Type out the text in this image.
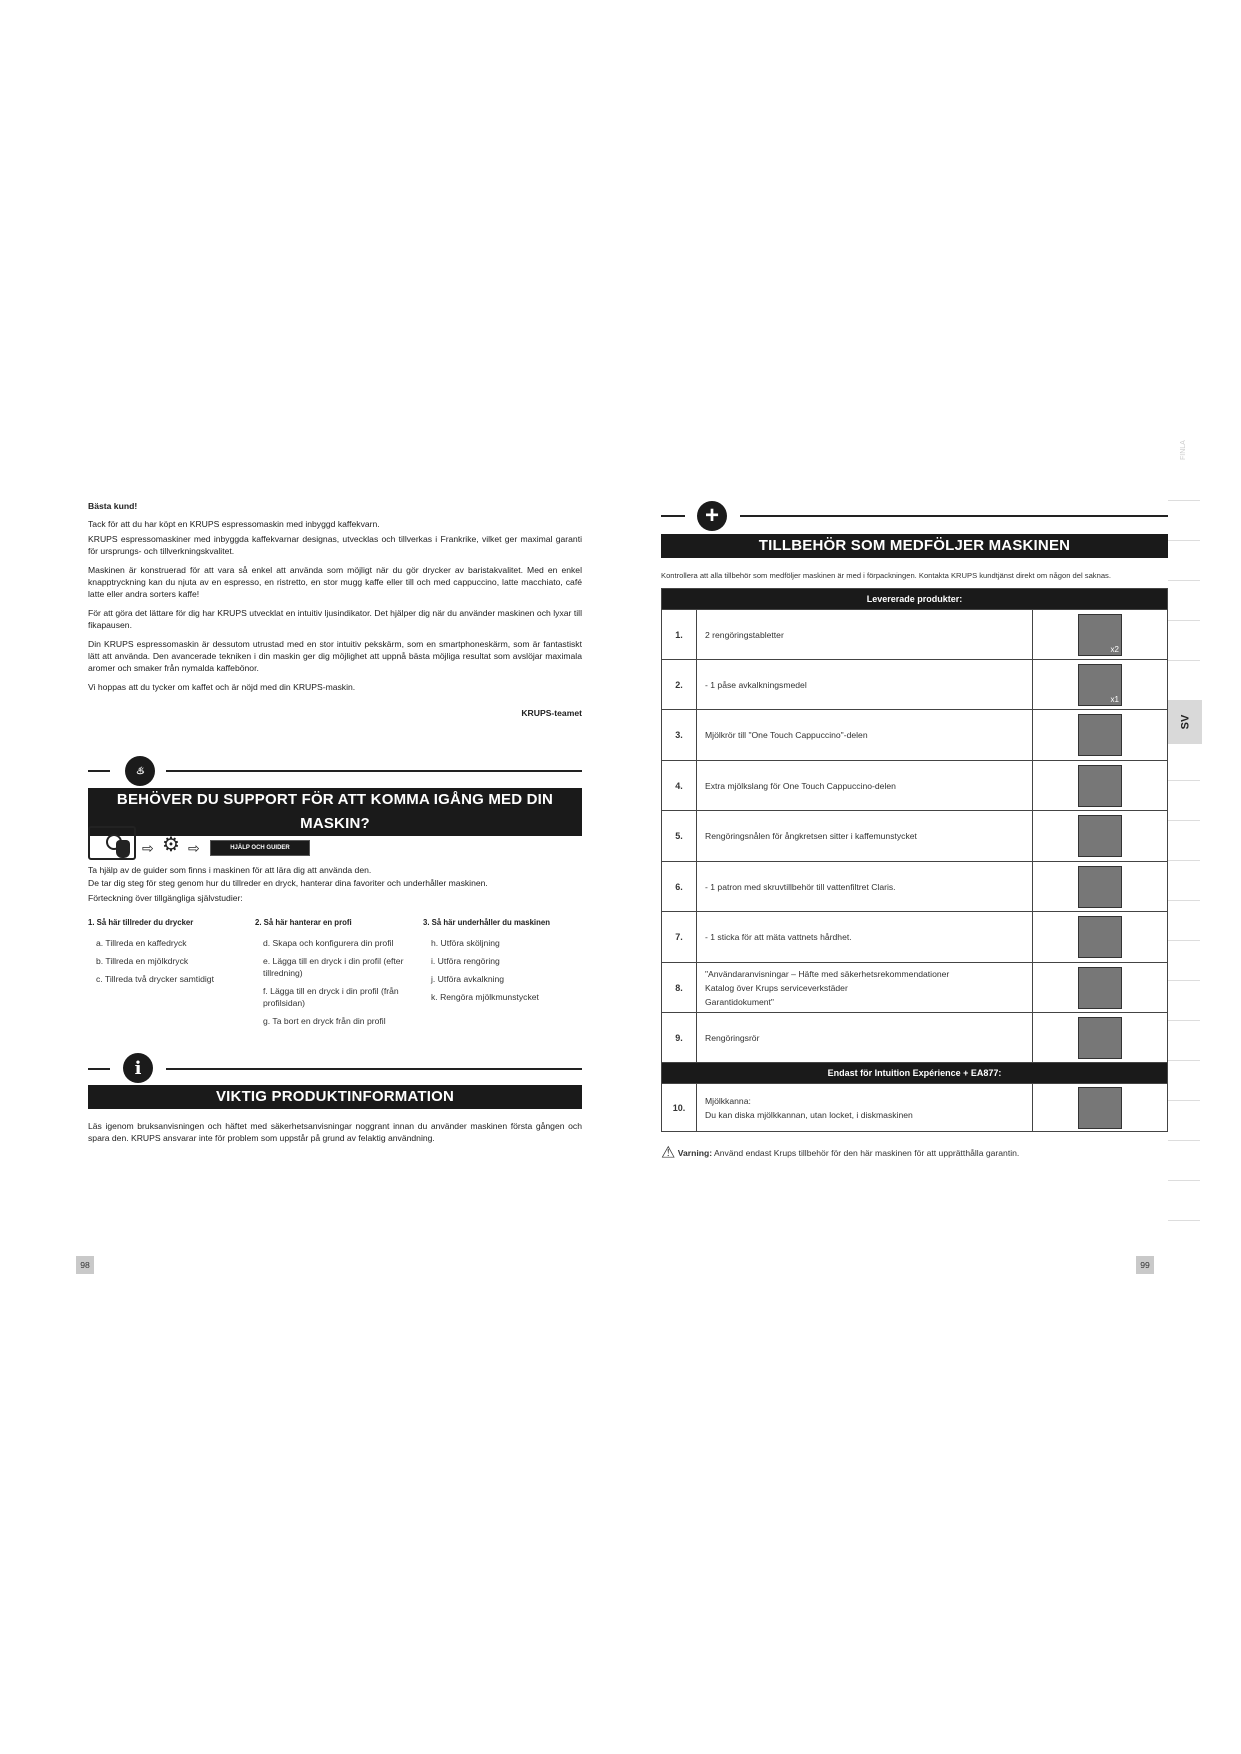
Bästa kund!

Tack för att du har köpt en KRUPS espressomaskin med inbyggd kaffekvarn.

KRUPS espressomaskiner med inbyggda kaffekvarnar designas, utvecklas och tillverkas i Frankrike, vilket ger maximal garanti för ursprungs- och tillverkningskvalitet.

Maskinen är konstruerad för att vara så enkel att använda som möjligt när du gör drycker av baristakvalitet. Med en enkel knapptryckning kan du njuta av en espresso, en ristretto, en stor mugg kaffe eller till och med cappuccino, latte macchiato, café latte eller andra sorters kaffe!

För att göra det lättare för dig har KRUPS utvecklat en intuitiv ljusindikator. Det hjälper dig när du använder maskinen och lyxar till fikapausen.

Din KRUPS espressomaskin är dessutom utrustad med en stor intuitiv pekskärm, som en smartphoneskärm, som är fantastiskt lätt att använda. Den avancerade tekniken i din maskin ger dig möjlighet att uppnå bästa möjliga resultat som avslöjar maximala aromer och smaker från nymalda kaffebönor.

Vi hoppas att du tycker om kaffet och är nöjd med din KRUPS-maskin.

KRUPS-teamet

♨
BEHÖVER DU SUPPORT FÖR ATT KOMMA IGÅNG MED DIN MASKIN?
⇨ ⚙ ⇨	HJÄLP OCH GUIDER
Ta hjälp av de guider som finns i maskinen för att lära dig att använda den.
De tar dig steg för steg genom hur du tillreder en dryck, hanterar dina favoriter och underhåller maskinen.
Förteckning över tillgängliga självstudier:
1. Så här tillreder du drycker
a. Tillreda en kaffedryck
b. Tillreda en mjölkdryck
c. Tillreda två drycker samtidigt
2. Så här hanterar en profi
d. Skapa och konfigurera din profil
e. Lägga till en dryck i din profil (efter tillredning)
f. Lägga till en dryck i din profil (från profilsidan)
g. Ta bort en dryck från din profil
3. Så här underhåller du maskinen
h. Utföra sköljning
i. Utföra rengöring
j. Utföra avkalkning
k. Rengöra mjölkmunstycket
i
VIKTIG PRODUKTINFORMATION
Läs igenom bruksanvisningen och häftet med säkerhetsanvisningar noggrant innan du använder maskinen första gången och spara den. KRUPS ansvarar inte för problem som uppstår på grund av felaktig användning.
98
+
TILLBEHÖR SOM MEDFÖLJER MASKINEN
Kontrollera att alla tillbehör som medföljer maskinen är med i förpackningen. Kontakta KRUPS kundtjänst direkt om någon del saknas.
Levererade produkter:		
1.	2 rengöringstabletter	x2

2.	- 1 påse avkalkningsmedel	x1

3.	Mjölkrör till "One Touch Cappuccino"-delen	
4.	Extra mjölkslang för One Touch Cappuccino-delen	
5.	Rengöringsnålen för ångkretsen sitter i kaffemunstycket	
6.	- 1 patron med skruvtillbehör till vattenfiltret Claris.	
7.	- 1 sticka för att mäta vattnets hårdhet.	
8.	"Användaranvisningar – Häfte med säkerhetsrekommendationer
Katalog över Krups serviceverkstäder
Garantidokument"	
9.	Rengöringsrör	
Endast för Intuition Expérience + EA877:		
10.	Mjölkkanna:
Du kan diska mjölkkannan, utan locket, i diskmaskinen	
⚠ Varning: Använd endast Krups tillbehör för den här maskinen för att upprätthålla garantin.
99
FINLA
SV
